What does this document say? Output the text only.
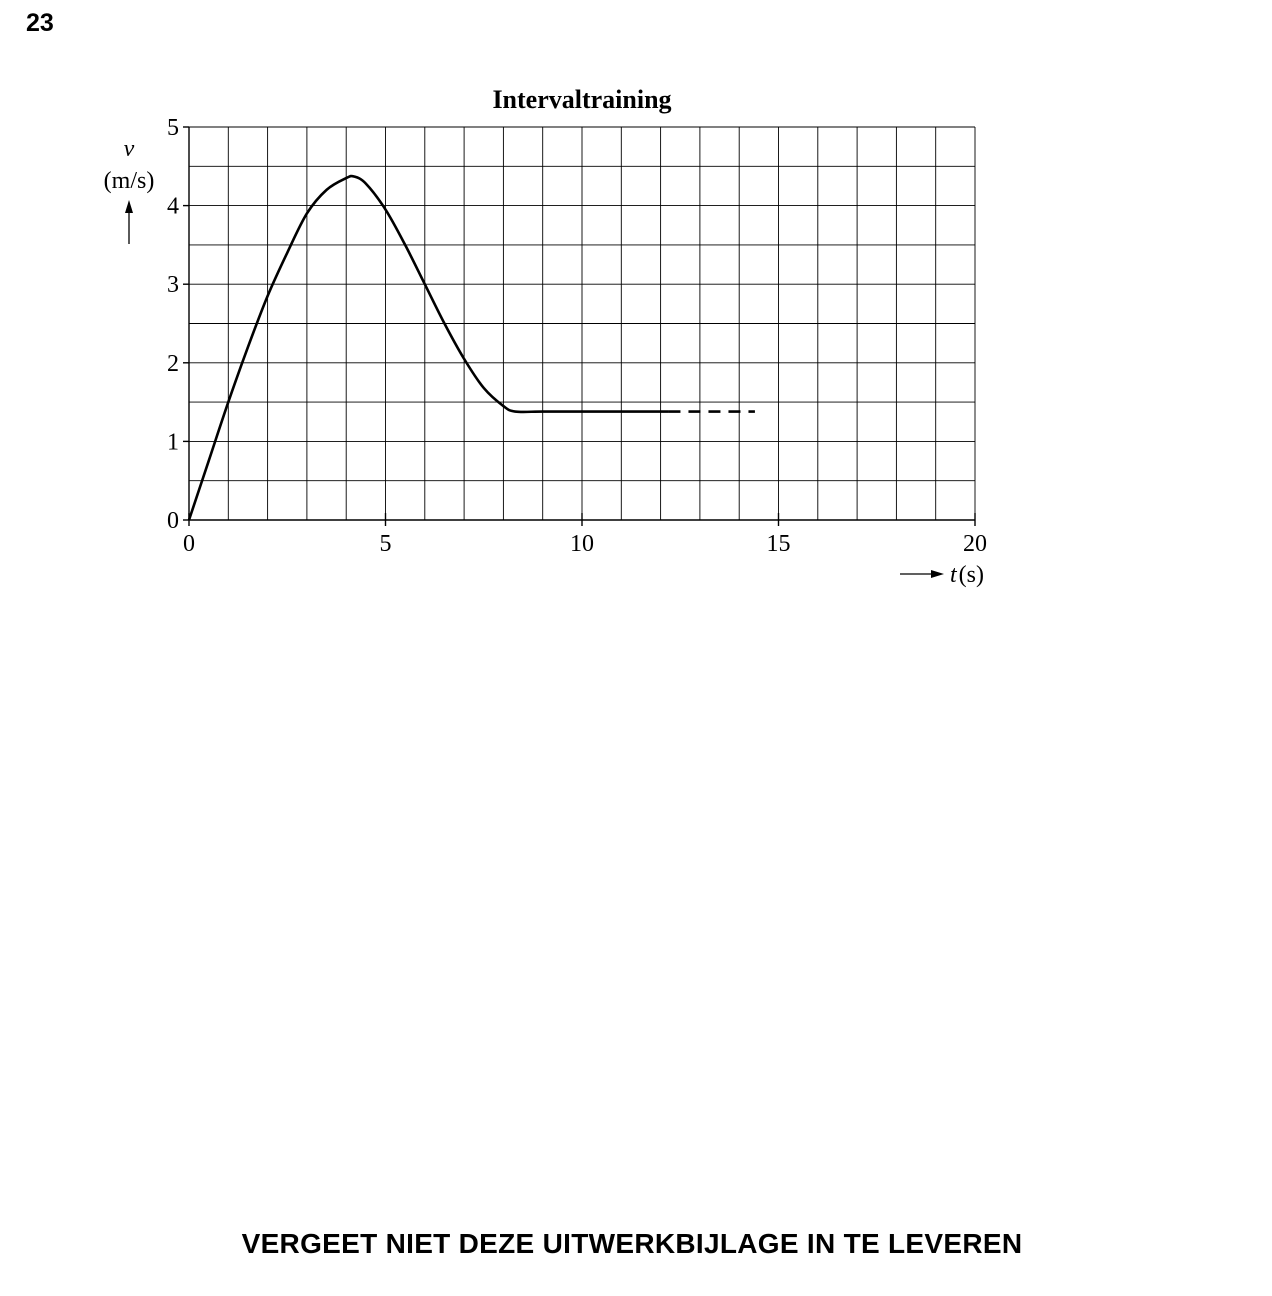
23
Intervaltraining
0
1
2
3
4
5
0	5	10	15	20
v
(m/s)
t(s)
VERGEET NIET DEZE UITWERKBIJLAGE IN TE LEVEREN
